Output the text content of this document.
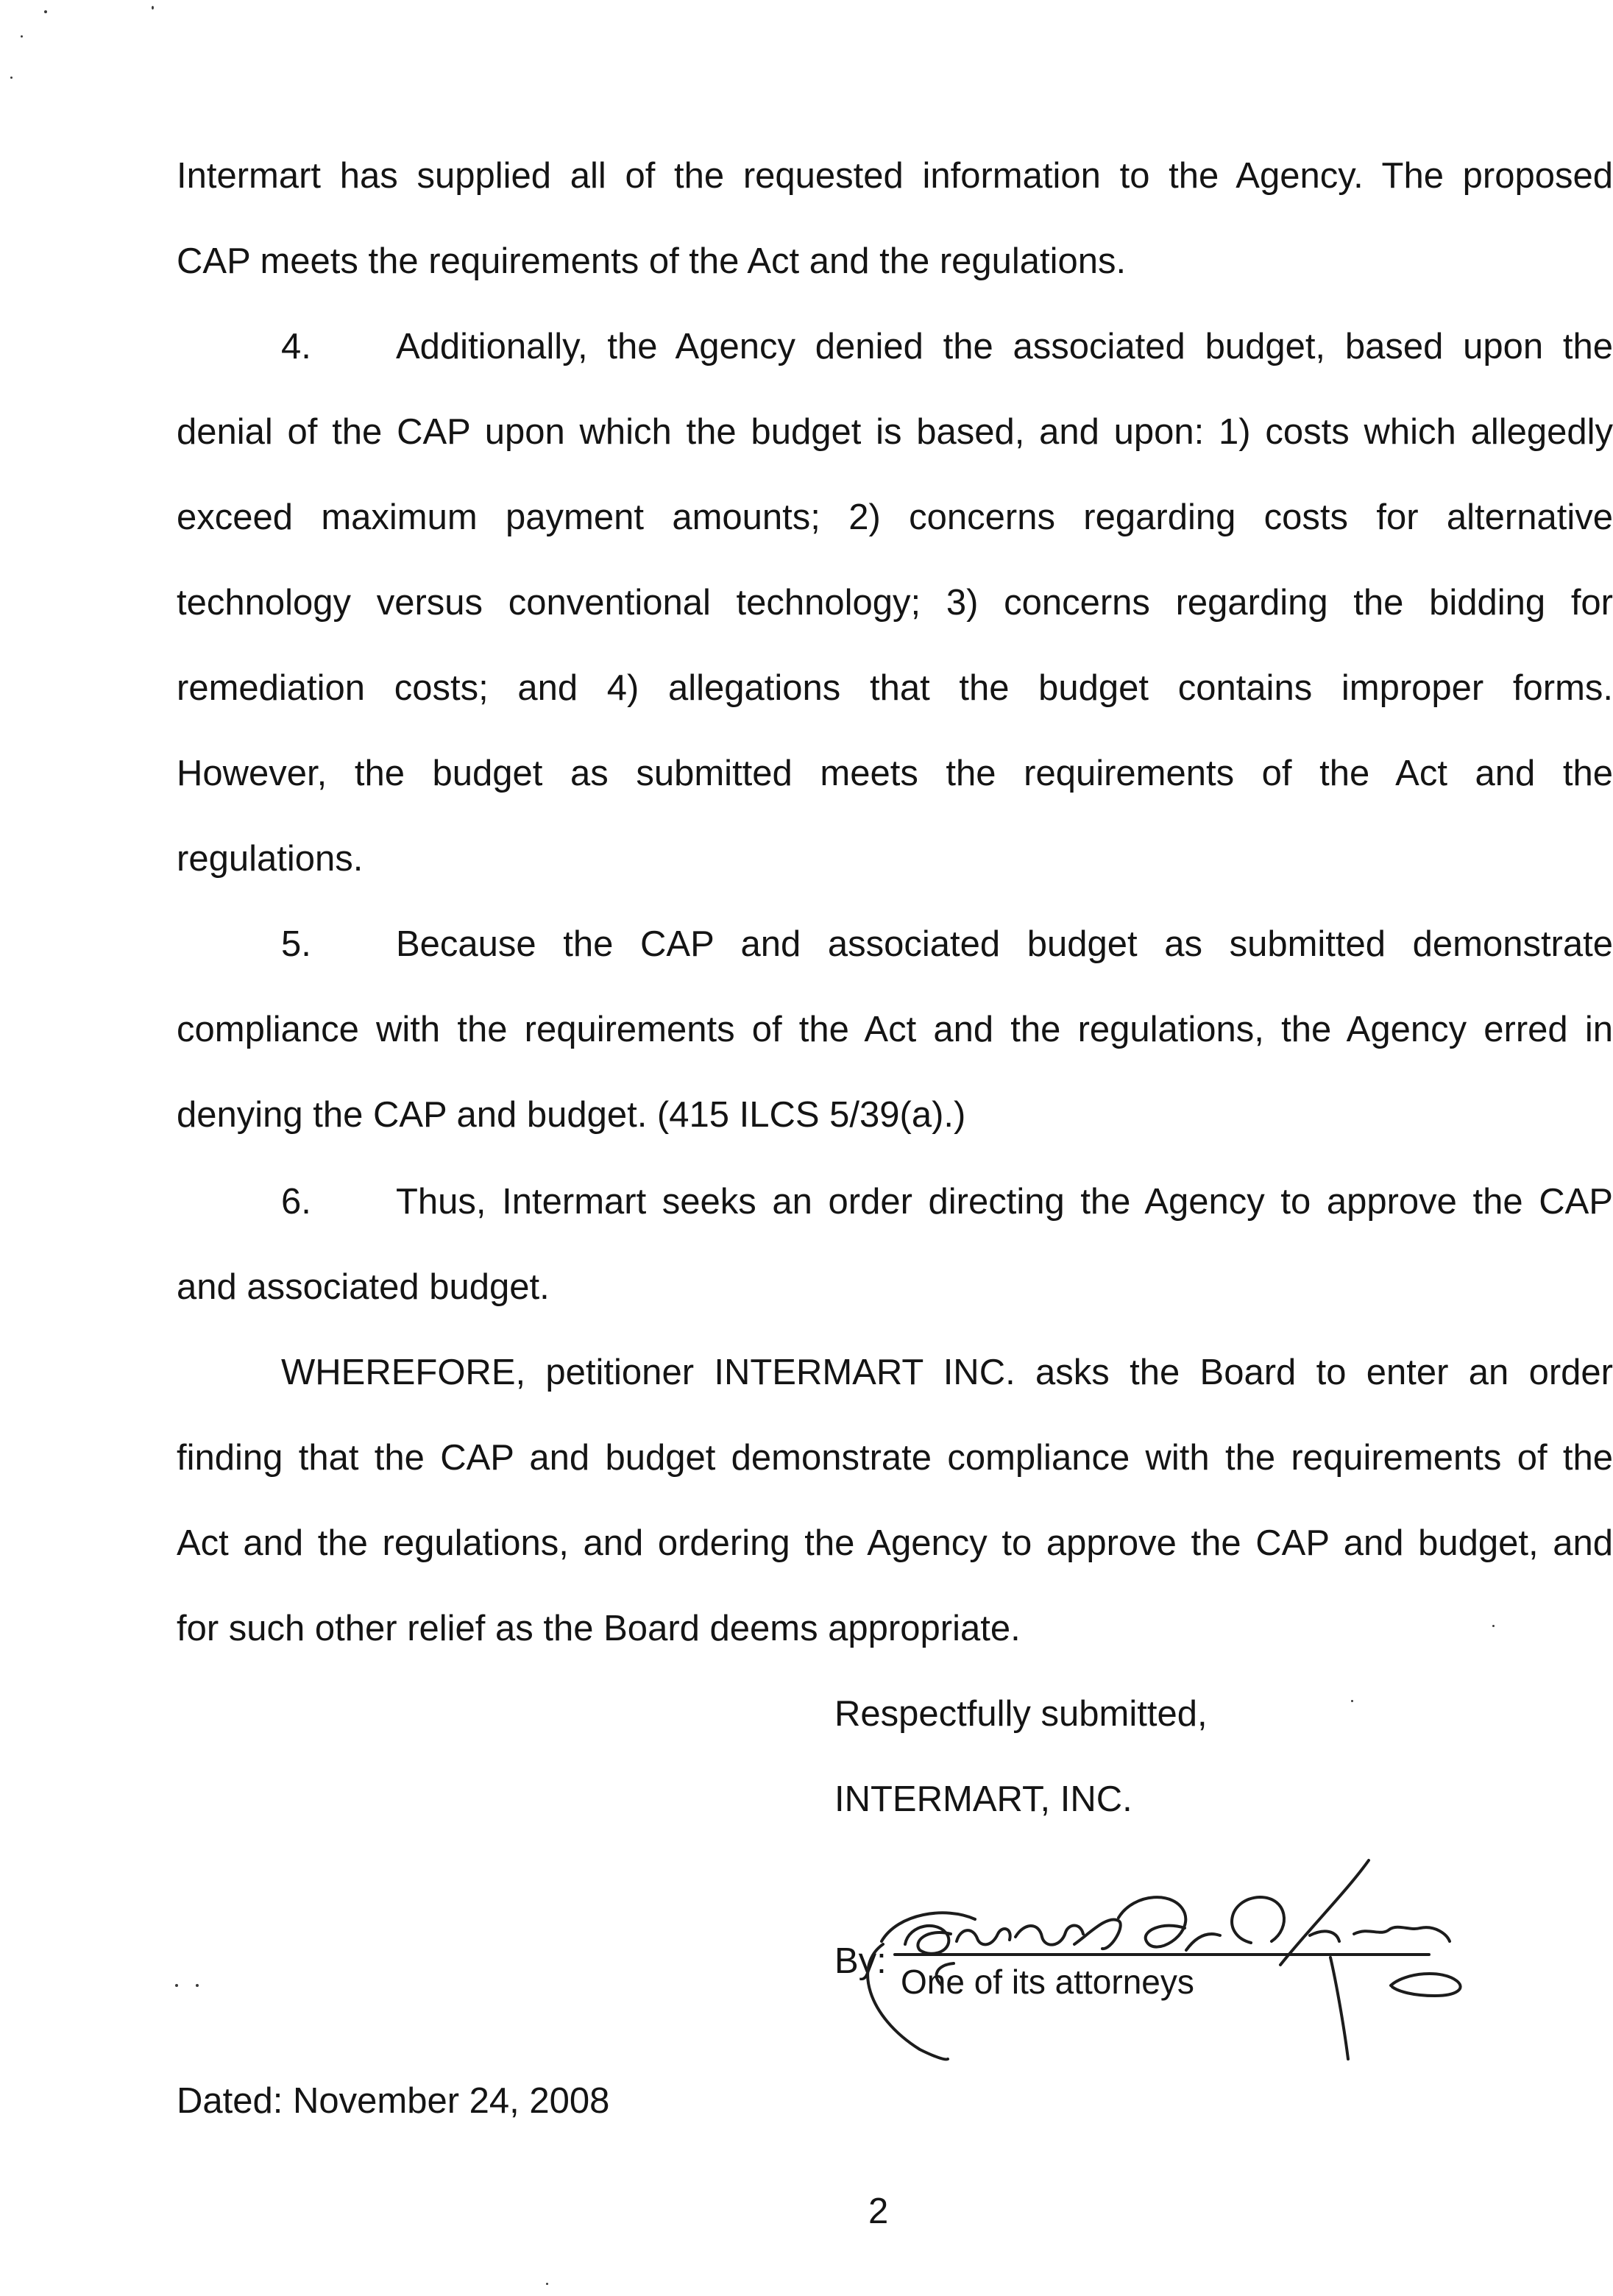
Intermart has supplied all of the requested information to the Agency. The proposed
CAP meets the requirements of the Act and the regulations.
4.	Additionally, the Agency denied the associated budget, based upon the
denial of the CAP upon which the budget is based, and upon: 1) costs which allegedly
exceed maximum payment amounts; 2) concerns regarding costs for alternative
technology versus conventional technology; 3) concerns regarding the bidding for
remediation costs; and 4) allegations that the budget contains improper forms.
However, the budget as submitted meets the requirements of the Act and the
regulations.
5.	Because the CAP and associated budget as submitted demonstrate
compliance with the requirements of the Act and the regulations, the Agency erred in
denying the CAP and budget. (415 ILCS 5/39(a).)
6.	Thus, Intermart seeks an order directing the Agency to approve the CAP
and associated budget.
WHEREFORE, petitioner INTERMART INC. asks the Board to enter an order
finding that the CAP and budget demonstrate compliance with the requirements of the
Act and the regulations, and ordering the Agency to approve the CAP and budget, and
for such other relief as the Board deems appropriate.
Respectfully submitted,
INTERMART, INC.
By:
One of its attorneys
Dated: November 24, 2008
2
